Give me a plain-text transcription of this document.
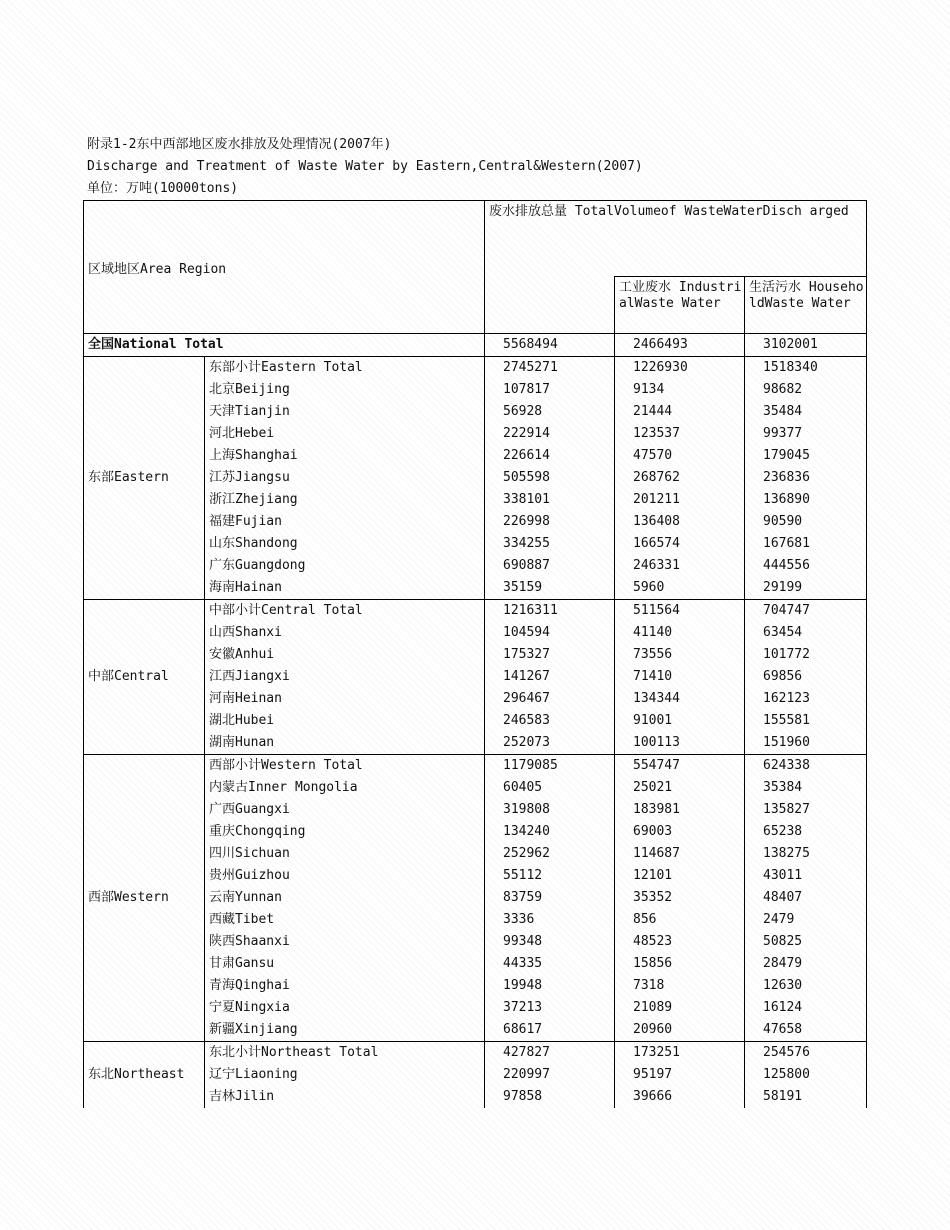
附录1-2东中西部地区废水排放及处理情况(2007年)
Discharge and Treatment of Waste Water by Eastern,Central&Western(2007)
单位：万吨(10000tons)
区域地区Area Region		废水排放总量 TotalVolumeof WasteWaterDisch arged		
			工业废水 IndustrialWaste Water	生活污水 HouseholdWaste Water
全国National Total		5568494	2466493	3102001
东部Eastern	东部小计Eastern Total	2745271	1226930	1518340
	北京Beijing	107817	9134	98682
	天津Tianjin	56928	21444	35484
	河北Hebei	222914	123537	99377
	上海Shanghai	226614	47570	179045
	江苏Jiangsu	505598	268762	236836
	浙江Zhejiang	338101	201211	136890
	福建Fujian	226998	136408	90590
	山东Shandong	334255	166574	167681
	广东Guangdong	690887	246331	444556
	海南Hainan	35159	5960	29199
中部Central	中部小计Central Total	1216311	511564	704747
	山西Shanxi	104594	41140	63454
	安徽Anhui	175327	73556	101772
	江西Jiangxi	141267	71410	69856
	河南Heinan	296467	134344	162123
	湖北Hubei	246583	91001	155581
	湖南Hunan	252073	100113	151960
西部Western	西部小计Western Total	1179085	554747	624338
	内蒙古Inner Mongolia	60405	25021	35384
	广西Guangxi	319808	183981	135827
	重庆Chongqing	134240	69003	65238
	四川Sichuan	252962	114687	138275
	贵州Guizhou	55112	12101	43011
	云南Yunnan	83759	35352	48407
	西藏Tibet	3336	856	2479
	陕西Shaanxi	99348	48523	50825
	甘肃Gansu	44335	15856	28479
	青海Qinghai	19948	7318	12630
	宁夏Ningxia	37213	21089	16124
	新疆Xinjiang	68617	20960	47658
东北Northeast	东北小计Northeast Total	427827	173251	254576
	辽宁Liaoning	220997	95197	125800
	吉林Jilin	97858	39666	58191
